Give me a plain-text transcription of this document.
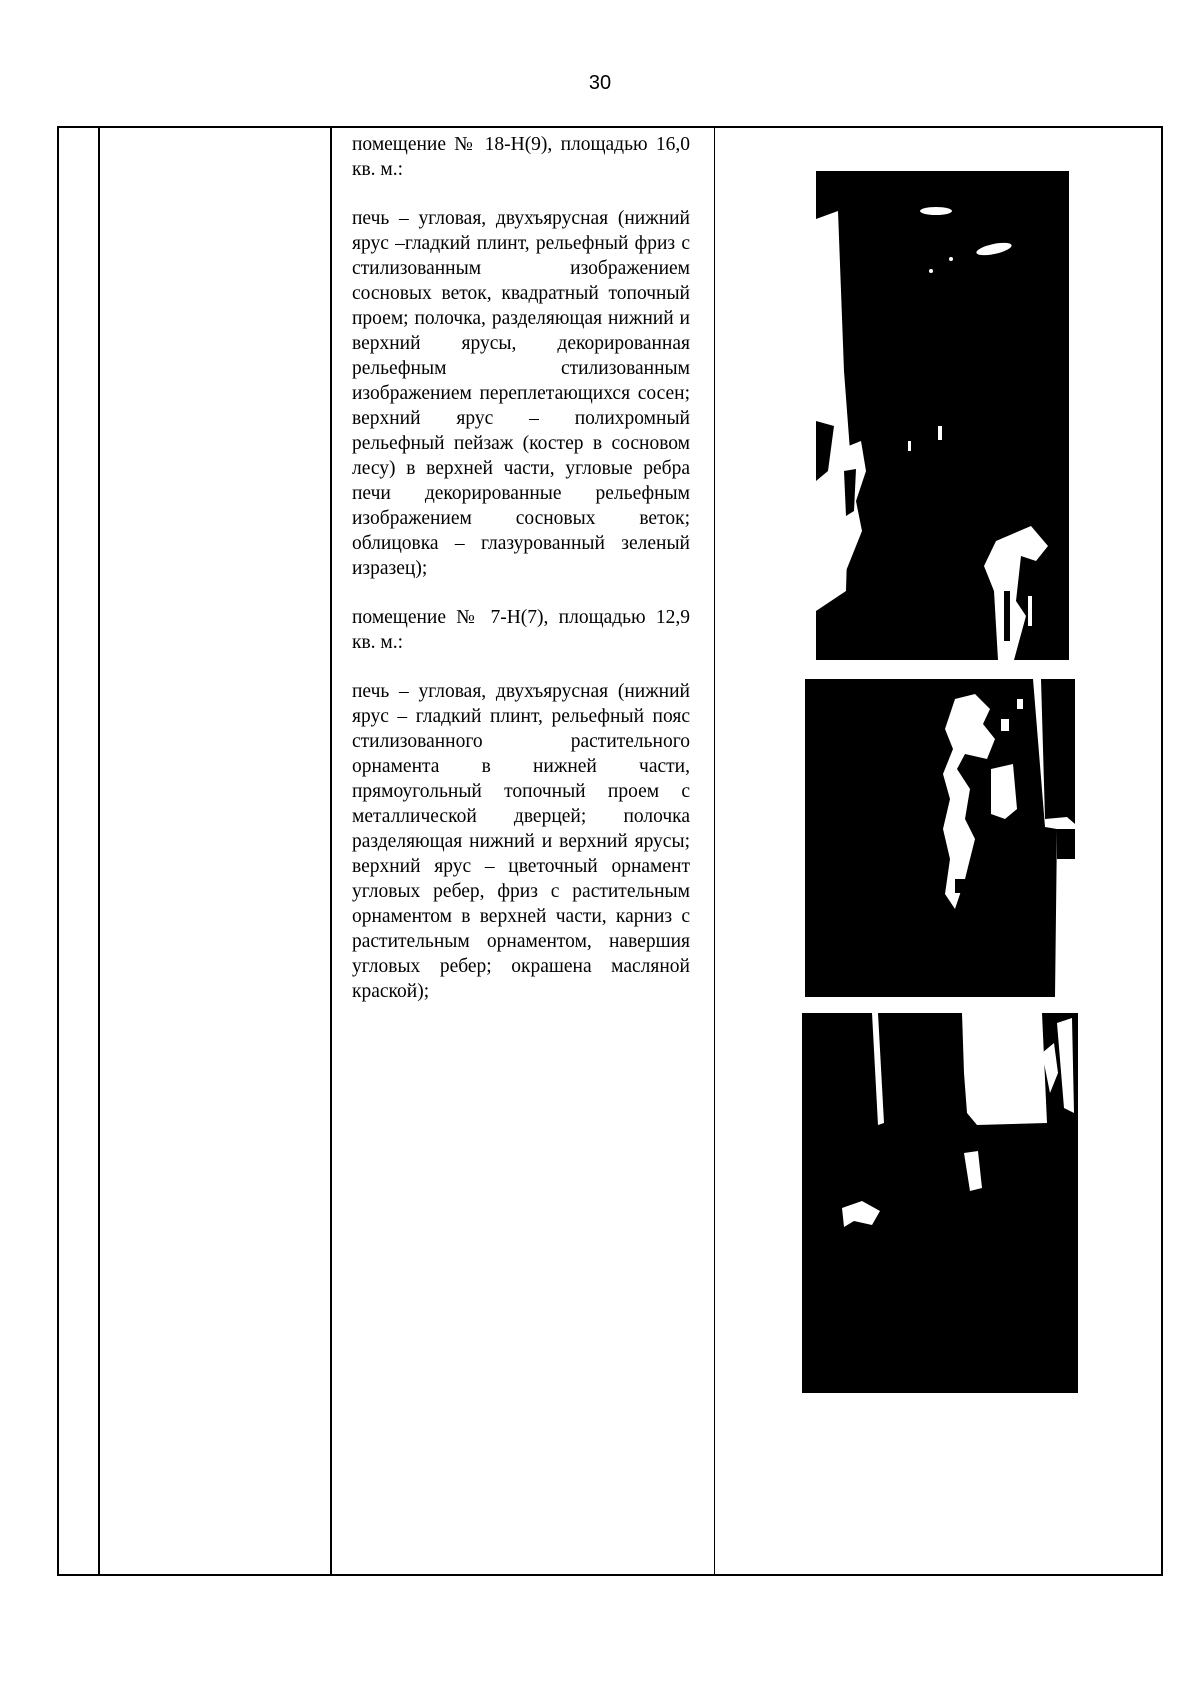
30

помещение № 18-Н(9), площадью 16,0 кв. м.:

печь – угловая, двухъярусная (нижний ярус –гладкий плинт, рельефный фриз с стилизованным изображением сосновых веток, квадратный топочный проем; полочка, разделяющая нижний и верхний ярусы, декорированная рельефным стилизованным изображением переплетающихся сосен; верхний ярус – полихромный рельефный пейзаж (костер в сосновом лесу) в верхней части, угловые ребра печи декорированные рельефным изображением сосновых веток; облицовка – глазурованный зеленый изразец);

помещение № 7-Н(7), площадью 12,9 кв. м.:

печь – угловая, двухъярусная (нижний ярус – гладкий плинт, рельефный пояс стилизованного растительного орнамента в нижней части, прямоугольный топочный проем с металлической дверцей; полочка разделяющая нижний и верхний ярусы; верхний ярус – цветочный орнамент угловых ребер, фриз с растительным орнаментом в верхней части, карниз с растительным орнаментом, навершия угловых ребер; окрашена масляной краской);
